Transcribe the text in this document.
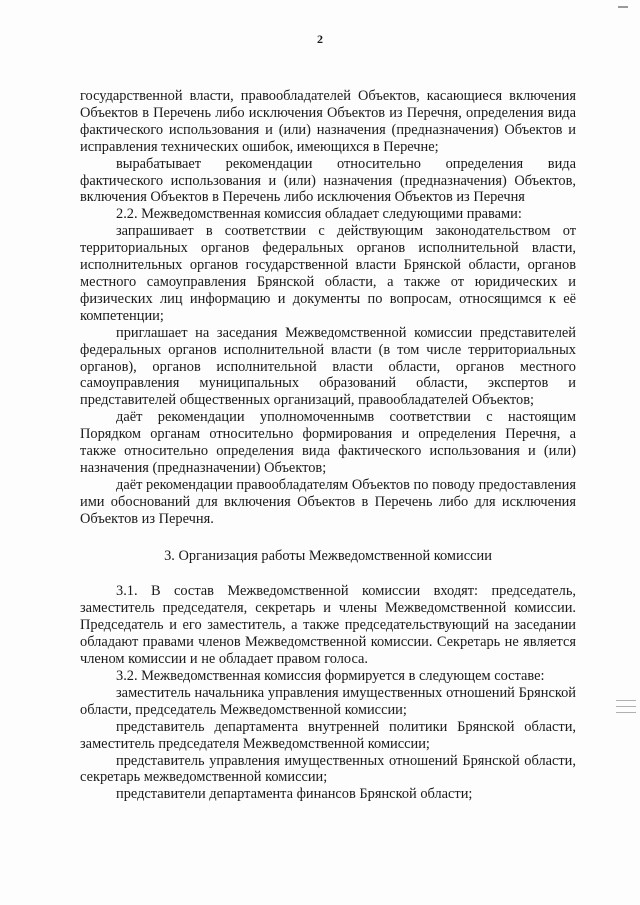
2

государственной власти, правообладателей Объектов, касающиеся включения Объектов в Перечень либо исключения Объектов из Перечня, определения вида фактического использования и (или) назначения (предназначения) Объектов и исправления технических ошибок, имеющихся в Перечне;

вырабатывает рекомендации относительно определения вида фактического использования и (или) назначения (предназначения) Объектов, включения Объектов в Перечень либо исключения Объектов из Перечня

2.2. Межведомственная комиссия обладает следующими правами:

запрашивает в соответствии с действующим законодательством от территориальных органов федеральных органов исполнительной власти, исполнительных органов государственной власти Брянской области, органов местного самоуправления Брянской области, а также от юридических и физических лиц информацию и документы по вопросам, относящимся к её компетенции;

приглашает на заседания Межведомственной комиссии представителей федеральных органов исполнительной власти (в том числе территориальных органов), органов исполнительной власти области, органов местного самоуправления муниципальных образований области, экспертов и представителей общественных организаций, правообладателей Объектов;

даёт рекомендации уполномоченнымв соответствии с настоящим Порядком органам относительно формирования и определения Перечня, а также относительно определения вида фактического использования и (или) назначения (предназначении) Объектов;

даёт рекомендации правообладателям Объектов по поводу предоставления ими обоснований для включения Объектов в Перечень либо для исключения Объектов из Перечня.

3. Организация работы Межведомственной комиссии

3.1. В состав Межведомственной комиссии входят: председатель, заместитель председателя, секретарь и члены Межведомственной комиссии. Председатель и его заместитель, а также председательствующий на заседании обладают правами членов Межведомственной комиссии. Секретарь не является членом комиссии и не обладает правом голоса.

3.2. Межведомственная комиссия формируется в следующем составе:

заместитель начальника управления имущественных отношений Брянской области, председатель Межведомственной комиссии;

представитель департамента внутренней политики Брянской области, заместитель председателя Межведомственной комиссии;

представитель управления имущественных отношений Брянской области, секретарь межведомственной комиссии;

представители департамента финансов Брянской области;
